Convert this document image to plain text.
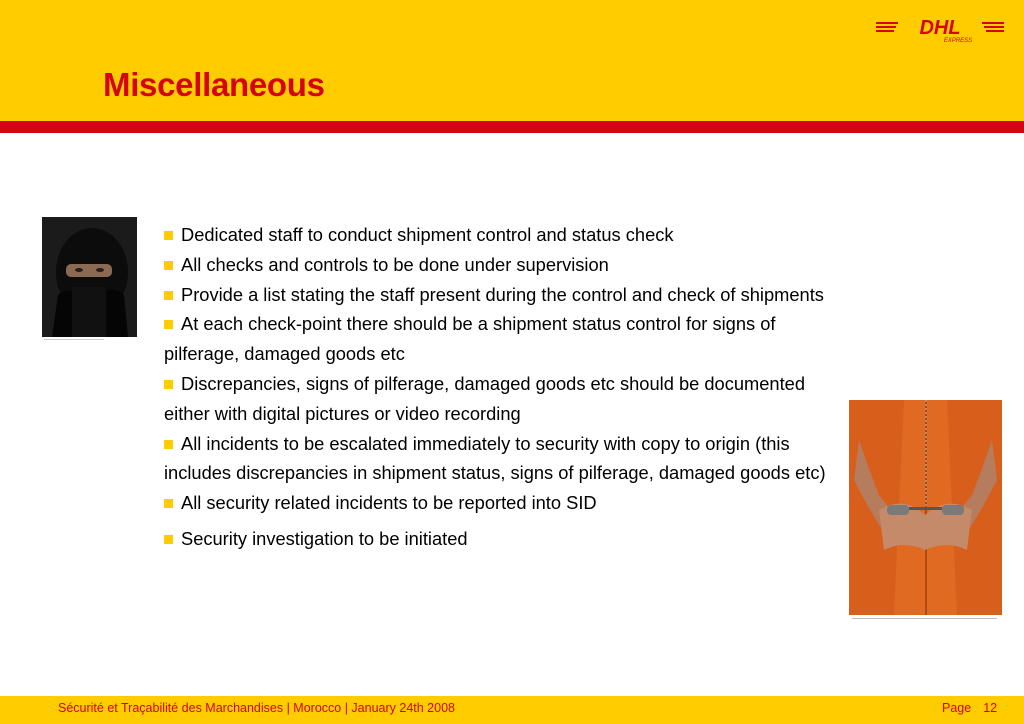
Miscellaneous
DHL
EXPRESS

Dedicated staff to conduct shipment control and status check

All checks and controls to be done under supervision

Provide a list stating the staff present during the control and check of shipments

At each check-point there should be a shipment status control for signs of pilferage, damaged goods etc

Discrepancies, signs of pilferage, damaged goods etc should be documented either with digital pictures or video recording

All incidents to be escalated immediately to security with copy to origin (this includes discrepancies in shipment status, signs of pilferage, damaged goods etc)

All security related incidents to be reported into SID

Security investigation to be initiated

Sécurité et Traçabilité des Marchandises | Morocco | January 24th 2008	Page 12
